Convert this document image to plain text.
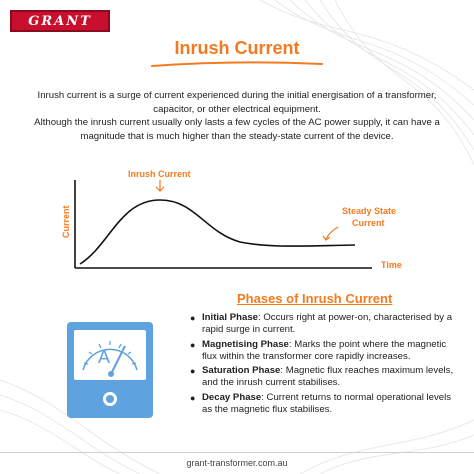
GRANT
Inrush Current

Inrush current is a surge of current experienced during the initial energisation of a transformer, capacitor, or other electrical equipment.

Although the inrush current usually only lasts a few cycles of the AC power supply, it can have a magnitude that is much higher than the steady-state current of the device.

Current
Time
Inrush Current
Steady State
Current
Phases of Inrush Current
A
● Initial Phase: Occurs right at power-on, characterised by a rapid surge in current.
● Magnetising Phase: Marks the point where the magnetic flux within the transformer core rapidly increases.
● Saturation Phase: Magnetic flux reaches maximum levels, and the inrush current stabilises.
● Decay Phase: Current returns to normal operational levels as the magnetic flux stabilises.
grant-transformer.com.au
